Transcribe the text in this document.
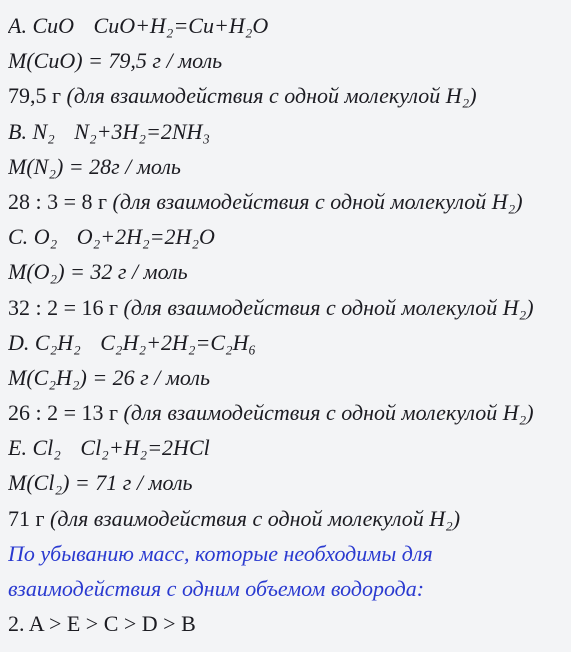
A. CuO CuO+H₂=Cu+H₂O
M(CuO) = 79,5 г / моль
79,5 г (для взаимодействия с одной молекулой H₂)
B. N₂ N₂+3H₂=2NH₃
M(N₂) = 28г / моль
28 : 3 = 8 г (для взаимодействия с одной молекулой H₂)
C. O₂ O₂+2H₂=2H₂O
M(O₂) = 32 г / моль
32 : 2 = 16 г (для взаимодействия с одной молекулой H₂)
D. C₂H₂ C₂H₂+2H₂=C₂H₆
M(C₂H₂) = 26 г / моль
26 : 2 = 13 г (для взаимодействия с одной молекулой H₂)
E. Cl₂ Cl₂+H₂=2HCl
M(Cl₂) = 71 г / моль
71 г (для взаимодействия с одной молекулой H₂)
По убыванию масс, которые необходимы для
взаимодействия с одним объемом водорода:
2. A > E > C > D > B
